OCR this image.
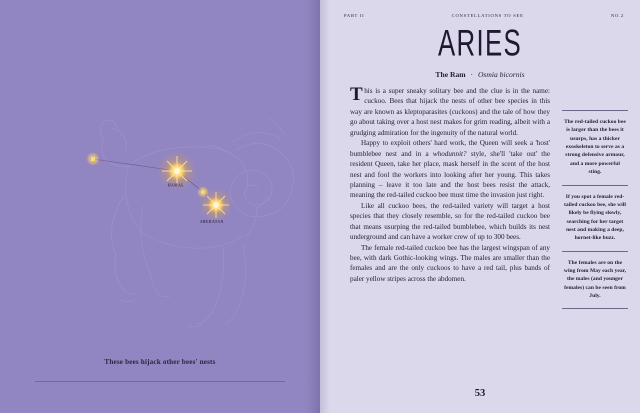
HAMAL
SHERATAN
These bees hijack other bees' nests
PART II	CONSTELLATIONS TO SEE	NO.2
ARIES
The Ram · Osmia bicornis

This is a super sneaky solitary bee and the clue is in the name: cuckoo. Bees that hijack the nests of other bee species in this way are known as kleptoparasites (cuckoos) and the tale of how they go about taking over a host nest makes for grim reading, albeit with a grudging admiration for the ingenuity of the natural world.

Happy to exploit others' hard work, the Queen will seek a 'host' bumblebee nest and in a whodunnit? style, she'll 'take out' the resident Queen, take her place, mask herself in the scent of the host nest and fool the workers into looking after her young. This takes planning – leave it too late and the host bees resist the attack, meaning the red-tailed cuckoo bee must time the invasion just right.

Like all cuckoo bees, the red-tailed variety will target a host species that they closely resemble, so for the red-tailed cuckoo bee that means usurping the red-tailed bumblebee, which builds its nest underground and can have a worker crew of up to 300 bees.

The female red-tailed cuckoo bee has the largest wingspan of any bee, with dark Gothic-looking wings. The males are smaller than the females and are the only cuckoos to have a red tail, plus bands of paler yellow stripes across the abdomen.

The red-tailed cuckoo bee is larger than the bees it usurps, has a thicker exoskeleton to serve as a strong defensive armour, and a more powerful sting.
If you spot a female red-tailed cuckoo bee, she will likely be flying slowly, searching for her target nest and making a deep, hornet-like buzz.
The females are on the wing from May each year, the males (and younger females) can be seen from July.
53
